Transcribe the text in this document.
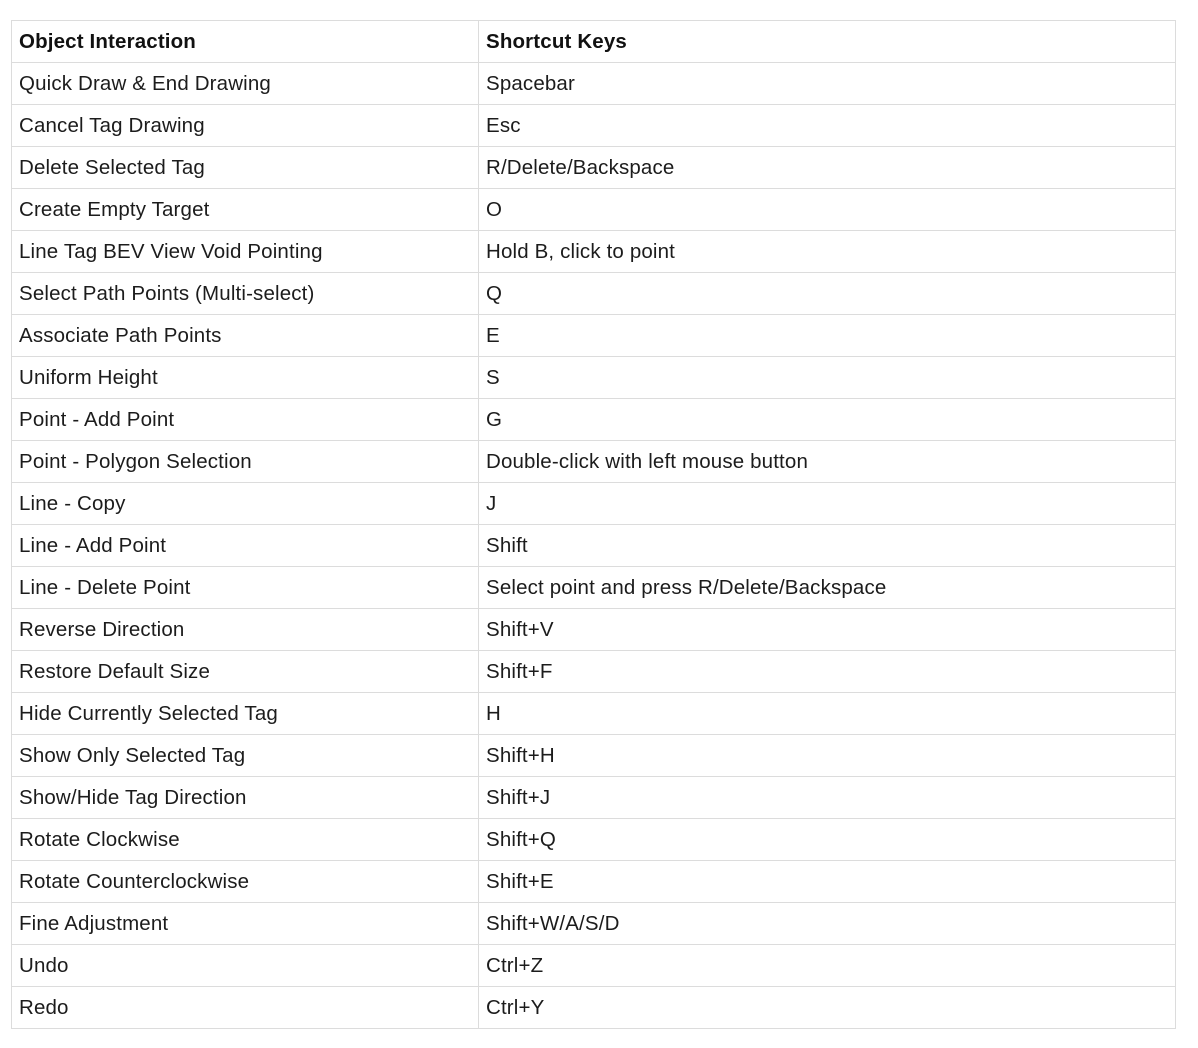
Object Interaction	Shortcut Keys
Quick Draw & End Drawing	Spacebar
Cancel Tag Drawing	Esc
Delete Selected Tag	R/Delete/Backspace
Create Empty Target	O
Line Tag BEV View Void Pointing	Hold B, click to point
Select Path Points (Multi-select)	Q
Associate Path Points	E
Uniform Height	S
Point - Add Point	G
Point - Polygon Selection	Double-click with left mouse button
Line - Copy	J
Line - Add Point	Shift
Line - Delete Point	Select point and press R/Delete/Backspace
Reverse Direction	Shift+V
Restore Default Size	Shift+F
Hide Currently Selected Tag	H
Show Only Selected Tag	Shift+H
Show/Hide Tag Direction	Shift+J
Rotate Clockwise	Shift+Q
Rotate Counterclockwise	Shift+E
Fine Adjustment	Shift+W/A/S/D
Undo	Ctrl+Z
Redo	Ctrl+Y
